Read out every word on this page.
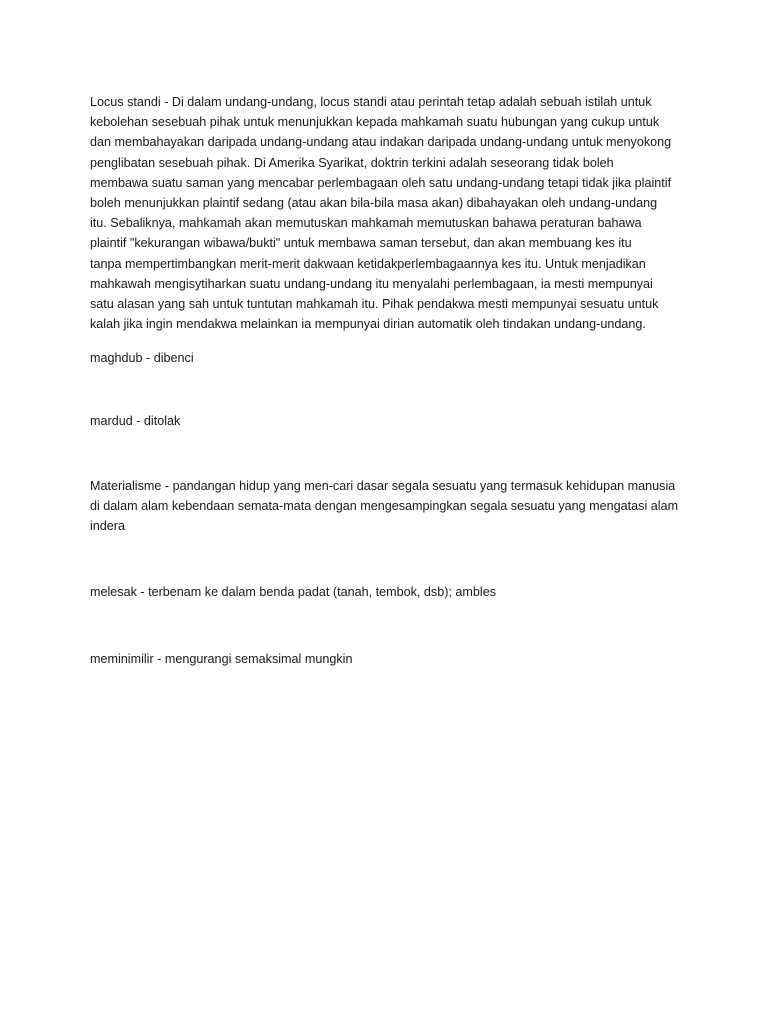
Locus standi - Di dalam undang-undang, locus standi atau perintah tetap adalah sebuah istilah untuk
kebolehan sesebuah pihak untuk menunjukkan kepada mahkamah suatu hubungan yang cukup untuk
dan membahayakan daripada undang-undang atau indakan daripada undang-undang untuk menyokong
penglibatan sesebuah pihak. Di Amerika Syarikat, doktrin terkini adalah seseorang tidak boleh
membawa suatu saman yang mencabar perlembagaan oleh satu undang-undang tetapi tidak jika plaintif
boleh menunjukkan plaintif sedang (atau akan bila-bila masa akan) dibahayakan oleh undang-undang
itu. Sebaliknya, mahkamah akan memutuskan mahkamah memutuskan bahawa peraturan bahawa
plaintif "kekurangan wibawa/bukti" untuk membawa saman tersebut, dan akan membuang kes itu
tanpa mempertimbangkan merit-merit dakwaan ketidakperlembagaannya kes itu. Untuk menjadikan
mahkawah mengisytiharkan suatu undang-undang itu menyalahi perlembagaan, ia mesti mempunyai
satu alasan yang sah untuk tuntutan mahkamah itu. Pihak pendakwa mesti mempunyai sesuatu untuk
kalah jika ingin mendakwa melainkan ia mempunyai dirian automatik oleh tindakan undang-undang.

maghdub - dibenci

mardud - ditolak

Materialisme - pandangan hidup yang men-cari dasar segala sesuatu yang termasuk kehidupan manusia
di dalam alam kebendaan semata-mata dengan mengesampingkan segala sesuatu yang mengatasi alam
indera

melesak - terbenam ke dalam benda padat (tanah, tembok, dsb); ambles

meminimilir - mengurangi semaksimal mungkin
